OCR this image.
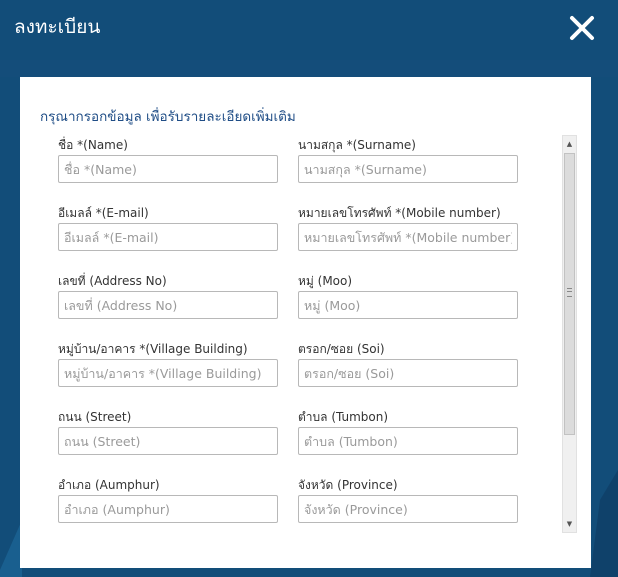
ลงทะเบียน
กรุณากรอกข้อมูล เพื่อรับรายละเอียดเพิ่มเติม
ชื่อ *(Name)
ชื่อ *(Name)	นามสกุล *(Surname)
นามสกุล *(Surname)
อีเมลล์ *(E-mail)
อีเมลล์ *(E-mail)	หมายเลขโทรศัพท์ *(Mobile number)
หมายเลขโทรศัพท์ *(Mobile number)
เลขที่ (Address No)
เลขที่ (Address No)	หมู่ (Moo)
หมู่ (Moo)
หมู่บ้าน/อาคาร *(Village Building)
หมู่บ้าน/อาคาร *(Village Building)	ตรอก/ซอย (Soi)
ตรอก/ซอย (Soi)
ถนน (Street)
ถนน (Street)	ตำบล (Tumbon)
ตำบล (Tumbon)
อำเภอ (Aumphur)
อำเภอ (Aumphur)	จังหวัด (Province)
จังหวัด (Province)
▲
▼
